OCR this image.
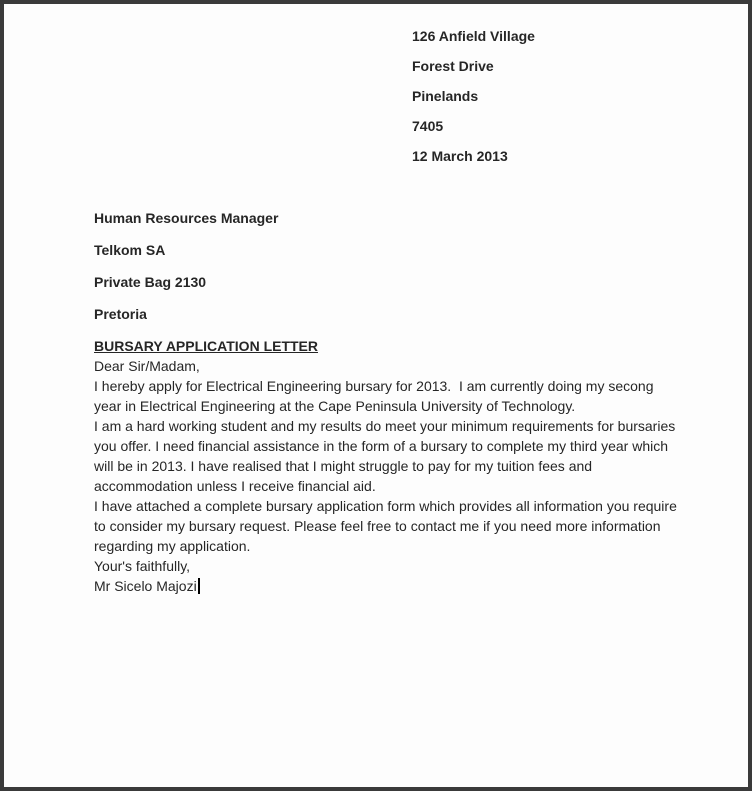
126 Anfield Village

Forest Drive

Pinelands

7405

12 March 2013

Human Resources Manager

Telkom SA

Private Bag 2130

Pretoria

BURSARY APPLICATION LETTER

Dear Sir/Madam,

I hereby apply for Electrical Engineering bursary for 2013.  I am currently doing my secong year in Electrical Engineering at the Cape Peninsula University of Technology.

I am a hard working student and my results do meet your minimum requirements for bursaries you offer. I need financial assistance in the form of a bursary to complete my third year which will be in 2013. I have realised that I might struggle to pay for my tuition fees and accommodation unless I receive financial aid.

I have attached a complete bursary application form which provides all information you require to consider my bursary request. Please feel free to contact me if you need more information regarding my application.

Your's faithfully,

Mr Sicelo Majozi
